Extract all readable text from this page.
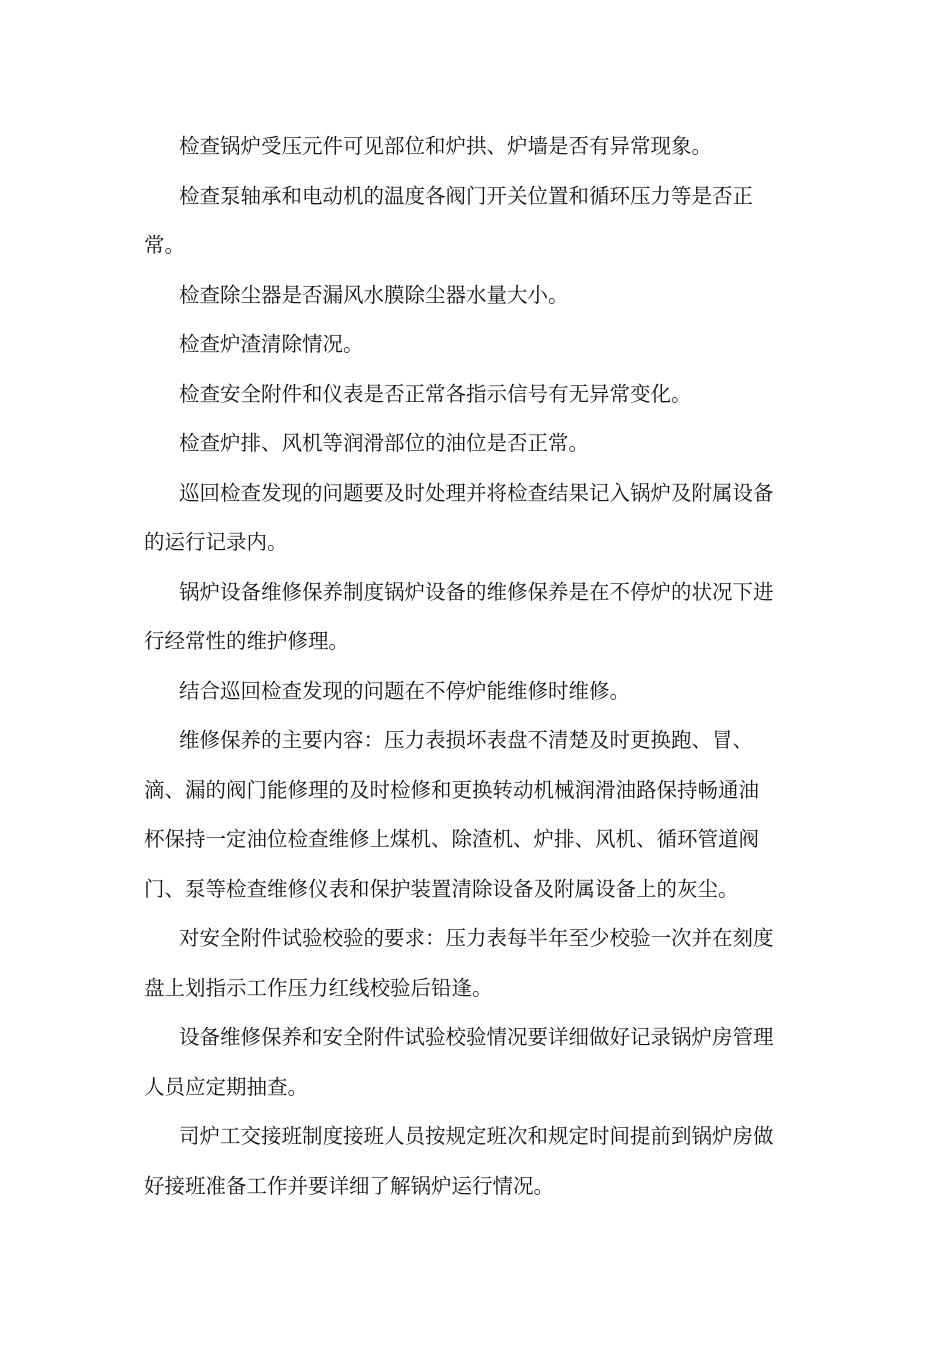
检查锅炉受压元件可见部位和炉拱、炉墙是否有异常现象。

检查泵轴承和电动机的温度各阀门开关位置和循环压力等是否正常。

检查除尘器是否漏风水膜除尘器水量大小。

检查炉渣清除情况。

检查安全附件和仪表是否正常各指示信号有无异常变化。

检查炉排、风机等润滑部位的油位是否正常。

巡回检查发现的问题要及时处理并将检查结果记入锅炉及附属设备的运行记录内。

锅炉设备维修保养制度锅炉设备的维修保养是在不停炉的状况下进行经常性的维护修理。

结合巡回检查发现的问题在不停炉能维修时维修。

维修保养的主要内容：压力表损坏表盘不清楚及时更换跑、冒、滴、漏的阀门能修理的及时检修和更换转动机械润滑油路保持畅通油杯保持一定油位检查维修上煤机、除渣机、炉排、风机、循环管道阀门、泵等检查维修仪表和保护装置清除设备及附属设备上的灰尘。

对安全附件试验校验的要求：压力表每半年至少校验一次并在刻度盘上划指示工作压力红线校验后铅逢。

设备维修保养和安全附件试验校验情况要详细做好记录锅炉房管理人员应定期抽查。

司炉工交接班制度接班人员按规定班次和规定时间提前到锅炉房做好接班准备工作并要详细了解锅炉运行情况。
